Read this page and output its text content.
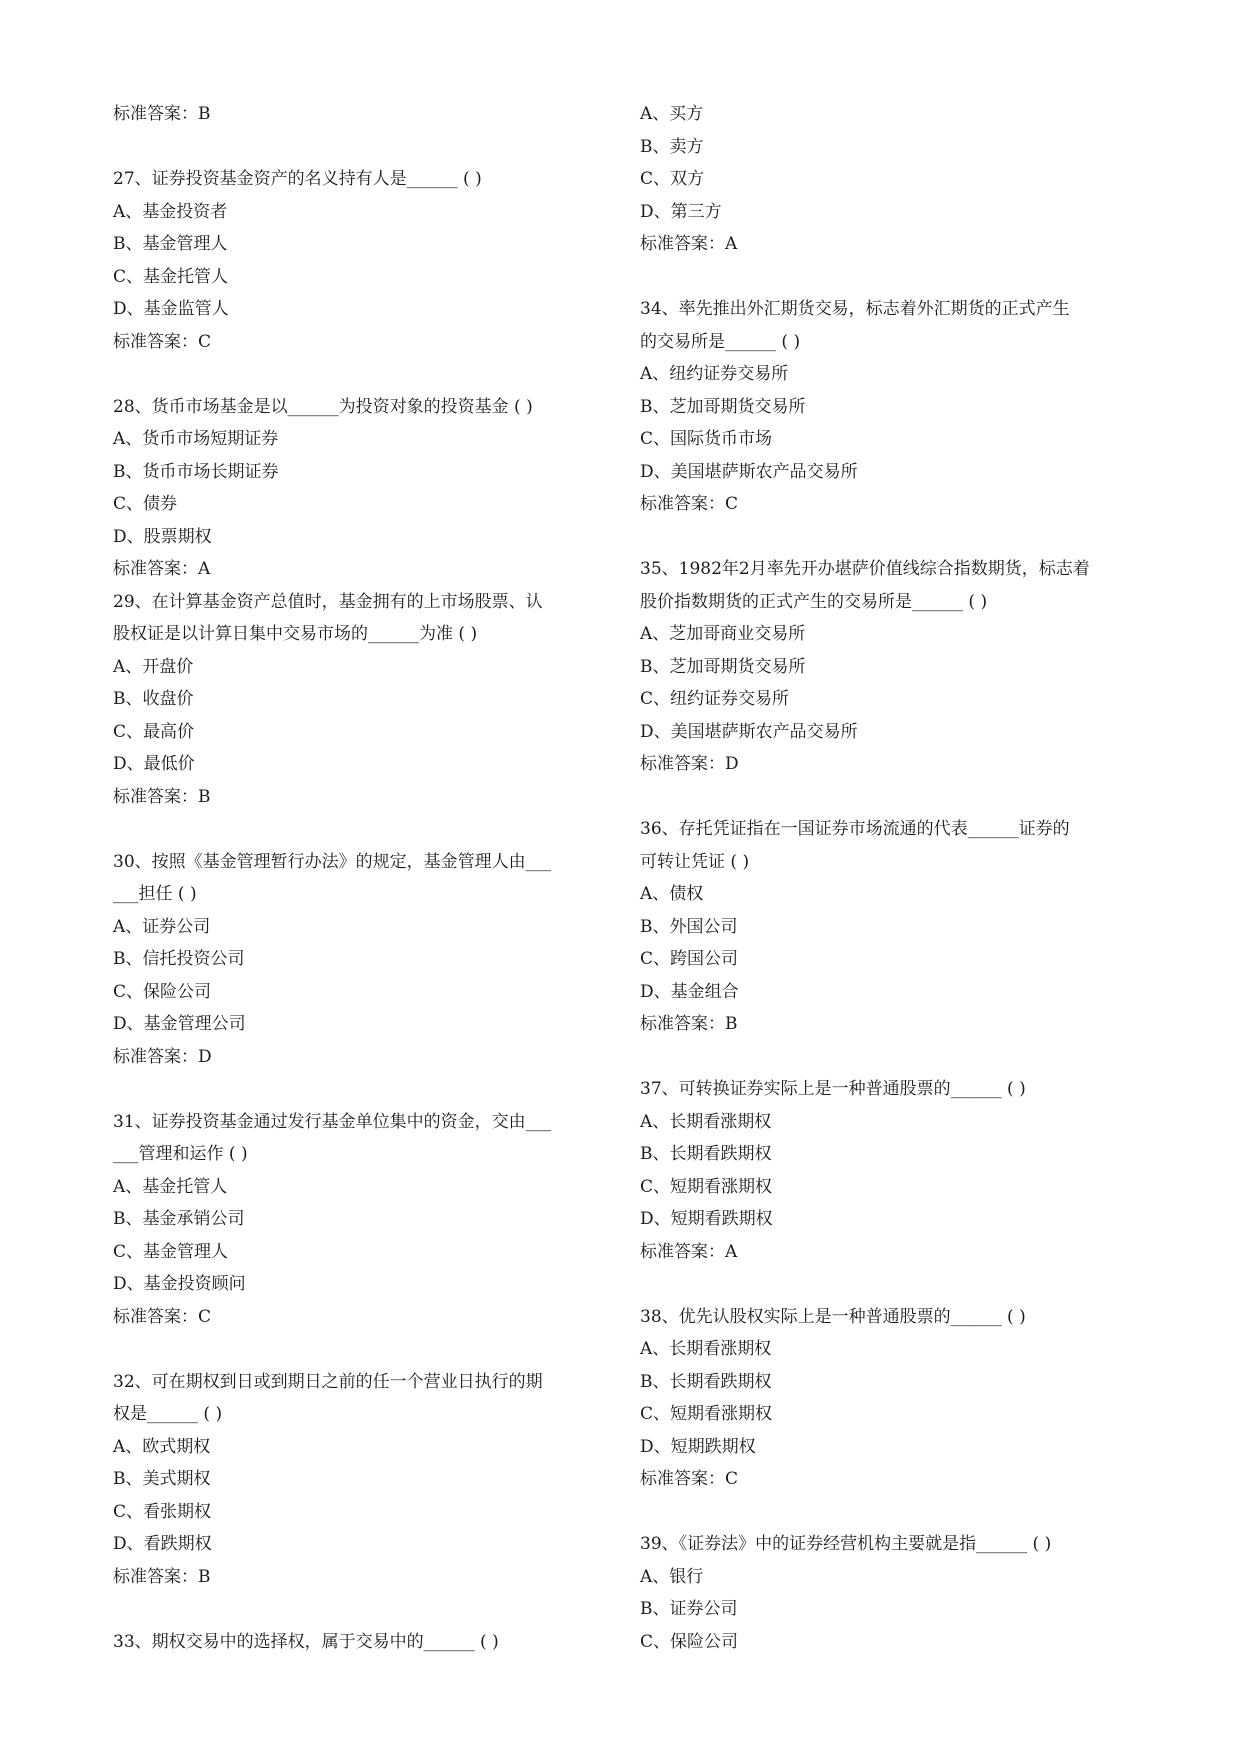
标准答案：B
27、证券投资基金资产的名义持有人是______ ( )
A、基金投资者
B、基金管理人
C、基金托管人
D、基金监管人
标准答案：C
28、货币市场基金是以______为投资对象的投资基金 ( )
A、货币市场短期证券
B、货币市场长期证券
C、债券
D、股票期权
标准答案：A
29、在计算基金资产总值时，基金拥有的上市场股票、认
股权证是以计算日集中交易市场的______为准 ( )
A、开盘价
B、收盘价
C、最高价
D、最低价
标准答案：B
30、按照《基金管理暂行办法》的规定，基金管理人由___
___担任 ( )
A、证券公司
B、信托投资公司
C、保险公司
D、基金管理公司
标准答案：D
31、证券投资基金通过发行基金单位集中的资金，交由___
___管理和运作 ( )
A、基金托管人
B、基金承销公司
C、基金管理人
D、基金投资顾问
标准答案：C
32、可在期权到日或到期日之前的任一个营业日执行的期
权是______ ( )
A、欧式期权
B、美式期权
C、看张期权
D、看跌期权
标准答案：B
33、期权交易中的选择权，属于交易中的______ ( )
A、买方
B、卖方
C、双方
D、第三方
标准答案：A
34、率先推出外汇期货交易，标志着外汇期货的正式产生
的交易所是______ ( )
A、纽约证券交易所
B、芝加哥期货交易所
C、国际货币市场
D、美国堪萨斯农产品交易所
标准答案：C
35、1982年2月率先开办堪萨价值线综合指数期货，标志着
股价指数期货的正式产生的交易所是______ ( )
A、芝加哥商业交易所
B、芝加哥期货交易所
C、纽约证券交易所
D、美国堪萨斯农产品交易所
标准答案：D
36、存托凭证指在一国证券市场流通的代表______证券的
可转让凭证 ( )
A、债权
B、外国公司
C、跨国公司
D、基金组合
标准答案：B
37、可转换证券实际上是一种普通股票的______ ( )
A、长期看涨期权
B、长期看跌期权
C、短期看涨期权
D、短期看跌期权
标准答案：A
38、优先认股权实际上是一种普通股票的______ ( )
A、长期看涨期权
B、长期看跌期权
C、短期看涨期权
D、短期跌期权
标准答案：C
39、《证券法》中的证券经营机构主要就是指______ ( )
A、银行
B、证券公司
C、保险公司
